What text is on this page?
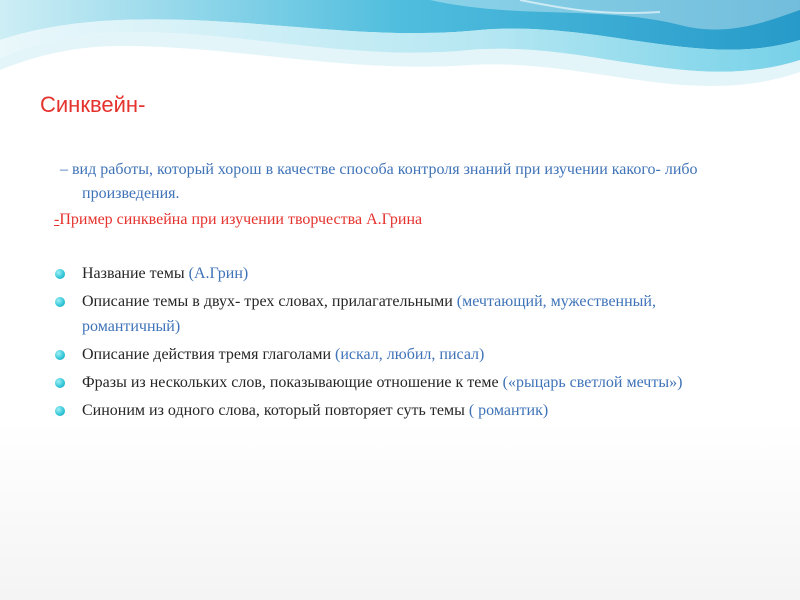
Синквейн-
– вид работы, который хорош в качестве способа контроля знаний при изучении какого- либо произведения.
-Пример синквейна при изучении творчества А.Грина
Название темы (А.Грин)
Описание темы в двух- трех словах, прилагательными (мечтающий, мужественный, романтичный)
Описание действия тремя глаголами (искал, любил, писал)
Фразы из нескольких слов, показывающие отношение к теме («рыцарь светлой мечты»)
Синоним из одного слова, который повторяет суть темы ( романтик)
